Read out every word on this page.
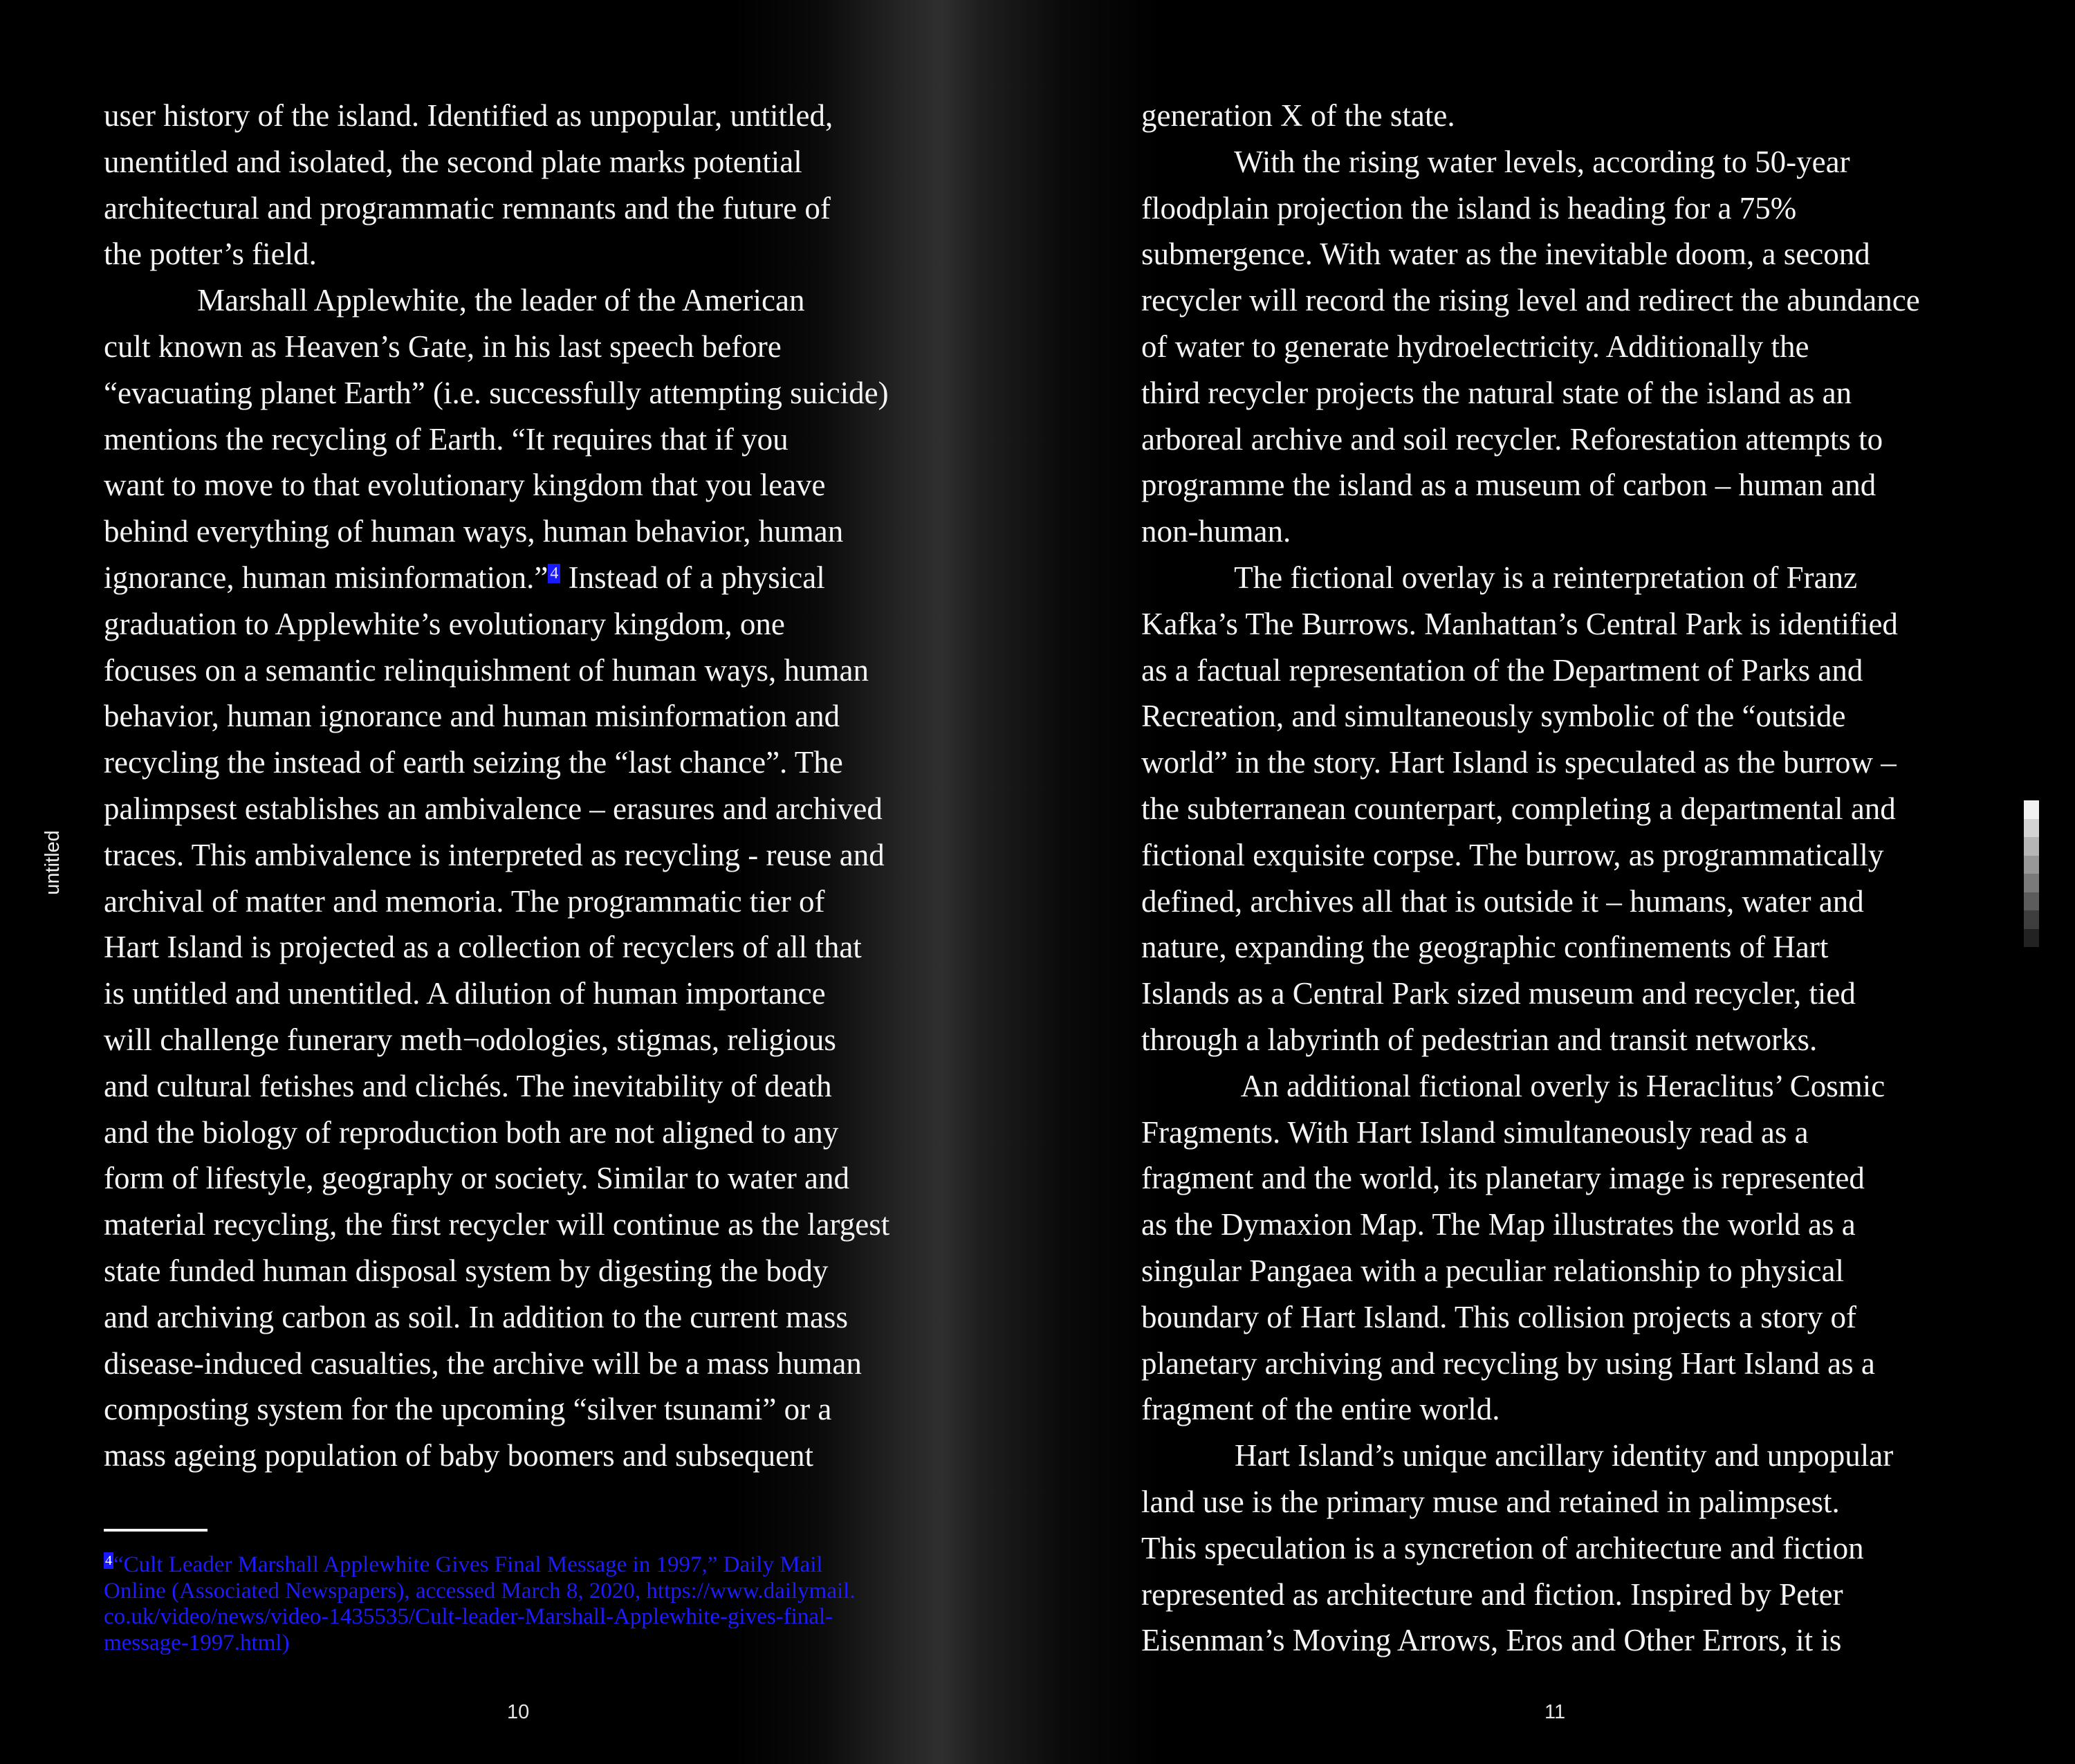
untitled

user history of the island. Identified as unpopular, untitled,
unentitled and isolated, the second plate marks potential
architectural and programmatic remnants and the future of
the potter’s field.
Marshall Applewhite, the leader of the American
cult known as Heaven’s Gate, in his last speech before
“evacuating planet Earth” (i.e. successfully attempting suicide)
mentions the recycling of Earth. “It requires that if you
want to move to that evolutionary kingdom that you leave
behind everything of human ways, human behavior, human
ignorance, human misinformation.” 4 Instead of a physical
graduation to Applewhite’s evolutionary kingdom, one
focuses on a semantic relinquishment of human ways, human
behavior, human ignorance and human misinformation and
recycling the instead of earth seizing the “last chance”. The
palimpsest establishes an ambivalence – erasures and archived
traces. This ambivalence is interpreted as recycling - reuse and
archival of matter and memoria. The programmatic tier of
Hart Island is projected as a collection of recyclers of all that
is untitled and unentitled. A dilution of human importance
will challenge funerary meth¬odologies, stigmas, religious
and cultural fetishes and clichés. The inevitability of death
and the biology of reproduction both are not aligned to any
form of lifestyle, geography or society. Similar to water and
material recycling, the first recycler will continue as the largest
state funded human disposal system by digesting the body
and archiving carbon as soil. In addition to the current mass
disease-induced casualties, the archive will be a mass human
composting system for the upcoming “silver tsunami” or a
mass ageing population of baby boomers and subsequent

4“Cult Leader Marshall Applewhite Gives Final Message in 1997,” Daily Mail
Online (Associated Newspapers), accessed March 8, 2020, https://www.dailymail.
co.uk/video/news/video-1435535/Cult-leader-Marshall-Applewhite-gives-final-
message-1997.html)

10

generation X of the state.
With the rising water levels, according to 50-year
floodplain projection the island is heading for a 75%
submergence. With water as the inevitable doom, a second
recycler will record the rising level and redirect the abundance
of water to generate hydroelectricity. Additionally the
third recycler projects the natural state of the island as an
arboreal archive and soil recycler. Reforestation attempts to
programme the island as a museum of carbon – human and
non-human.
The fictional overlay is a reinterpretation of Franz
Kafka’s The Burrows. Manhattan’s Central Park is identified
as a factual representation of the Department of Parks and
Recreation, and simultaneously symbolic of the “outside
world” in the story. Hart Island is speculated as the burrow –
the subterranean counterpart, completing a departmental and
fictional exquisite corpse. The burrow, as programmatically
defined, archives all that is outside it – humans, water and
nature, expanding the geographic confinements of Hart
Islands as a Central Park sized museum and recycler, tied
through a labyrinth of pedestrian and transit networks.
An additional fictional overly is Heraclitus’ Cosmic
Fragments. With Hart Island simultaneously read as a
fragment and the world, its planetary image is represented
as the Dymaxion Map. The Map illustrates the world as a
singular Pangaea with a peculiar relationship to physical
boundary of Hart Island. This collision projects a story of
planetary archiving and recycling by using Hart Island as a
fragment of the entire world.
Hart Island’s unique ancillary identity and unpopular
land use is the primary muse and retained in palimpsest.
This speculation is a syncretion of architecture and fiction
represented as architecture and fiction. Inspired by Peter
Eisenman’s Moving Arrows, Eros and Other Errors, it is

11
